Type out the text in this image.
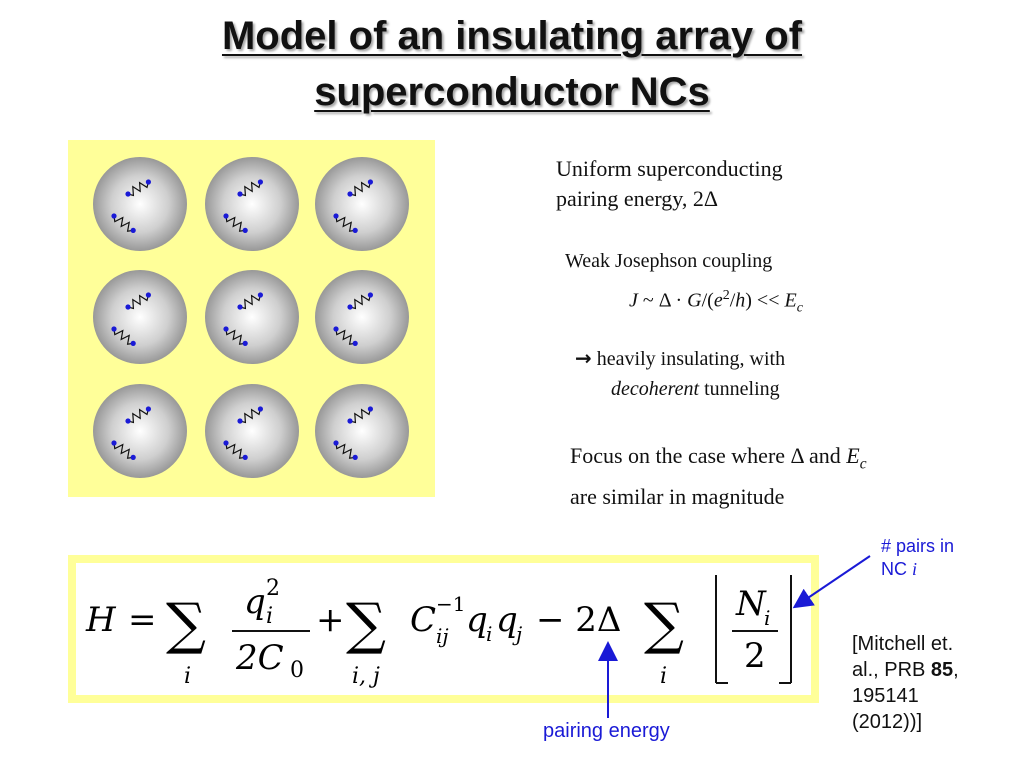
Model of an insulating array of
superconductor NCs
Uniform superconducting
pairing energy, 2Δ
Weak Josephson coupling
J ~ $\Delta \cdot G/(e^2/h) << E_c$
→ heavily insulating, with
decoherent tunneling
Focus on the case where Δ and $E_c$
are similar in magnitude
H = ∑
i
q 2
i
2C 0
+ ∑
i, j
C −1
ij q
i q
j − 2Δ ∑
i
N
i
2
# pairs in
NC i
pairing energy
[Mitchell et.
al., PRB 85,
195141
(2012))]
